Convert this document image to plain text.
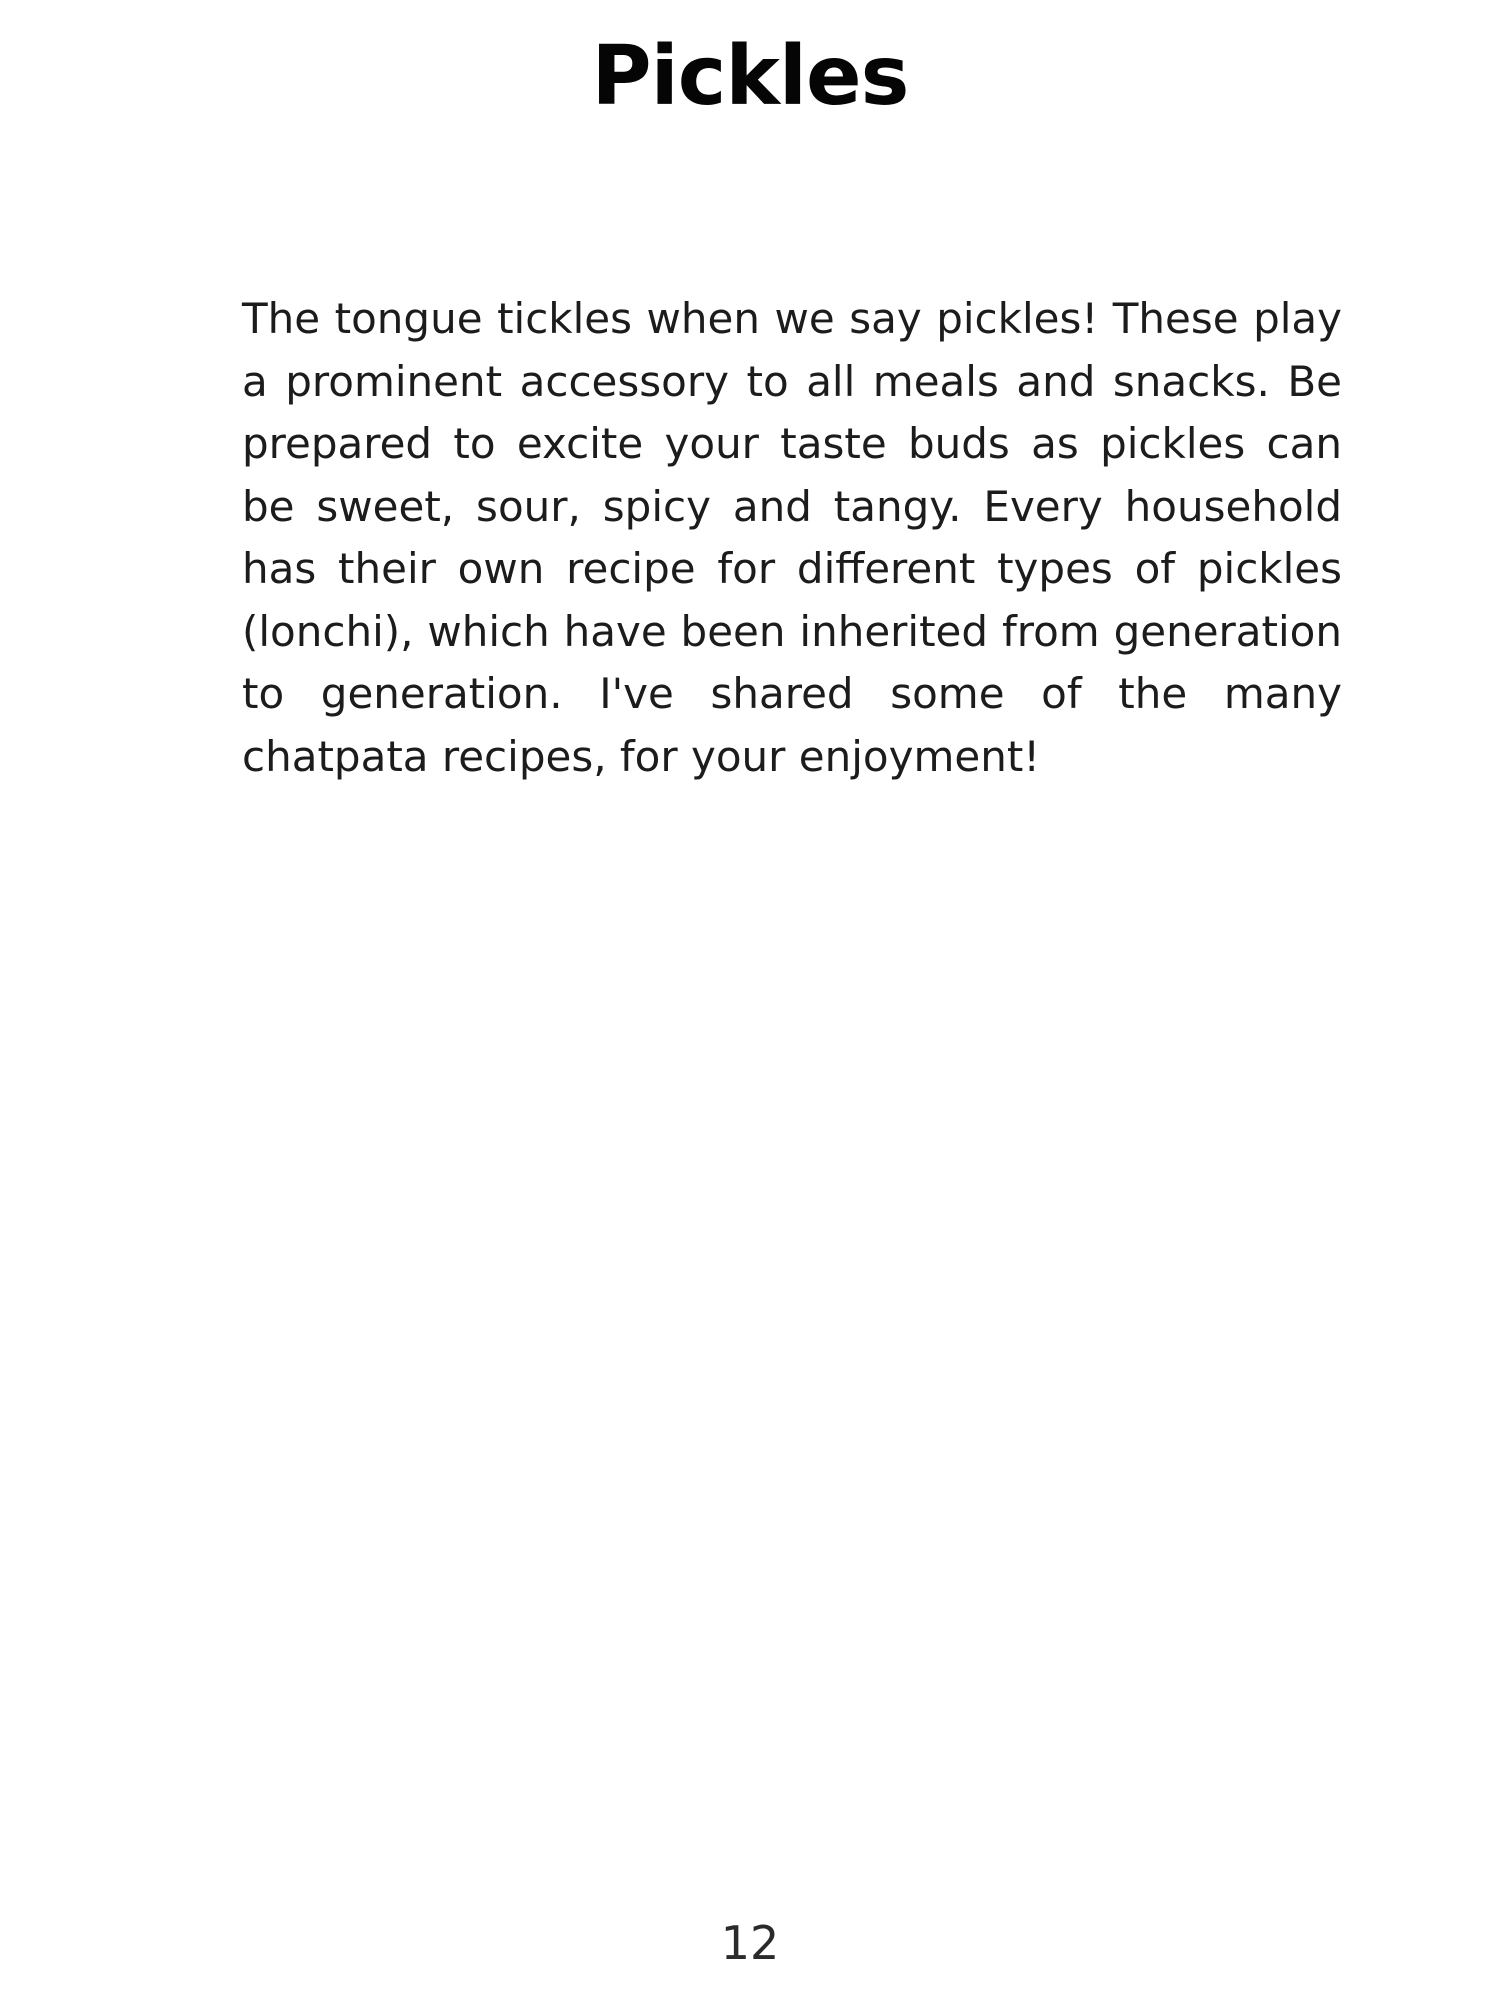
Pickles

The tongue tickles when we say pickles! These play a prominent accessory to all meals and snacks. Be prepared to excite your taste buds as pickles can be sweet, sour, spicy and tangy. Every household has their own recipe for different types of pickles (lonchi), which have been inherited from generation to generation. I've shared some of the many chatpata recipes, for your enjoyment!

12
